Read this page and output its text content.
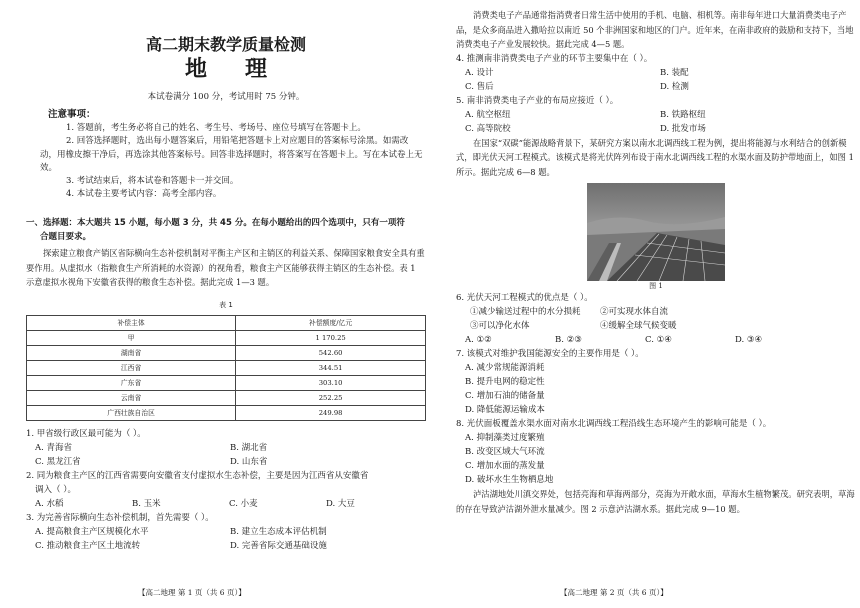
高二期末教学质量检测
地理
本试卷满分 100 分，考试用时 75 分钟。
注意事项：

1. 答题前，考生务必将自己的姓名、考生号、考场号、座位号填写在答题卡上。

2. 回答选择题时，选出每小题答案后，用铅笔把答题卡上对应题目的答案标号涂黑。如需改动，用橡皮擦干净后，再选涂其他答案标号。回答非选择题时，将答案写在答题卡上。写在本试卷上无效。

3. 考试结束后，将本试卷和答题卡一并交回。

4. 本试卷主要考试内容：高考全部内容。

一、选择题：本大题共 15 小题，每小题 3 分，共 45 分。在每小题给出的四个选项中，只有一项符
合题目要求。

探索建立粮食产销区省际横向生态补偿机制对平衡主产区和主销区的利益关系、保障国家粮食安全具有重要作用。从虚拟水（指粮食生产所消耗的水资源）的视角看，粮食主产区能够获得主销区的生态补偿。表 1 示意虚拟水视角下安徽省获得的粮食生态补偿。据此完成 1—3 题。

表 1
补偿主体	补偿额度/亿元
甲	1 170.25
湖南省	542.60
江西省	344.51
广东省	303.10
云南省	252.25
广西壮族自治区	249.98

1. 甲省级行政区最可能为（ ）。

A. 青海省	B. 湖北省
C. 黑龙江省	D. 山东省

2. 同为粮食主产区的江西省需要向安徽省支付虚拟水生态补偿，主要是因为江西省从安徽省

调入（ ）。

A. 水稻	B. 玉米	C. 小麦	D. 大豆

3. 为完善省际横向生态补偿机制，首先需要（ ）。

A. 提高粮食主产区规模化水平	B. 建立生态成本评估机制
C. 推动粮食主产区土地流转	D. 完善省际交通基础设施
【高二地理 第 1 页（共 6 页）】

消费类电子产品通常指消费者日常生活中使用的手机、电脑、相机等。南非每年进口大量消费类电子产品，是众多商品进入撒哈拉以南近 50 个非洲国家和地区的门户。近年来，在南非政府的鼓励和支持下，当地消费类电子产业发展较快。据此完成 4—5 题。

4. 推测南非消费类电子产业的环节主要集中在（ ）。

A. 设计	B. 装配
C. 售后	D. 检测

5. 南非消费类电子产业的布局应接近（ ）。

A. 航空枢纽	B. 铁路枢纽
C. 高等院校	D. 批发市场

在国家“双碳”能源战略背景下，某研究方案以南水北调西线工程为例，提出将能源与水利结合的创新模式，即光伏天河工程模式。该模式是将光伏阵列布设于南水北调西线工程的水渠水面及防护带地面上，如图 1 所示。据此完成 6—8 题。

图 1

6. 光伏天河工程模式的优点是（ ）。

①减少输送过程中的水分损耗	②可实现水体自流
③可以净化水体	④缓解全球气候变暖
A. ①②	B. ②③	C. ①④	D. ③④

7. 该模式对维护我国能源安全的主要作用是（ ）。

A. 减少常规能源消耗
B. 提升电网的稳定性
C. 增加石油的储备量
D. 降低能源运输成本

8. 光伏面板覆盖水渠水面对南水北调西线工程沿线生态环境产生的影响可能是（ ）。

A. 抑制藻类过度繁殖
B. 改变区域大气环流
C. 增加水面的蒸发量
D. 破坏水生生物栖息地

泸沽湖地处川滇交界处，包括亮海和草海两部分，亮海为开敞水面，草海水生植物繁茂。研究表明，草海的存在导致泸沽湖外泄水量减少。图 2 示意泸沽湖水系。据此完成 9—10 题。

【高二地理 第 2 页（共 6 页）】
